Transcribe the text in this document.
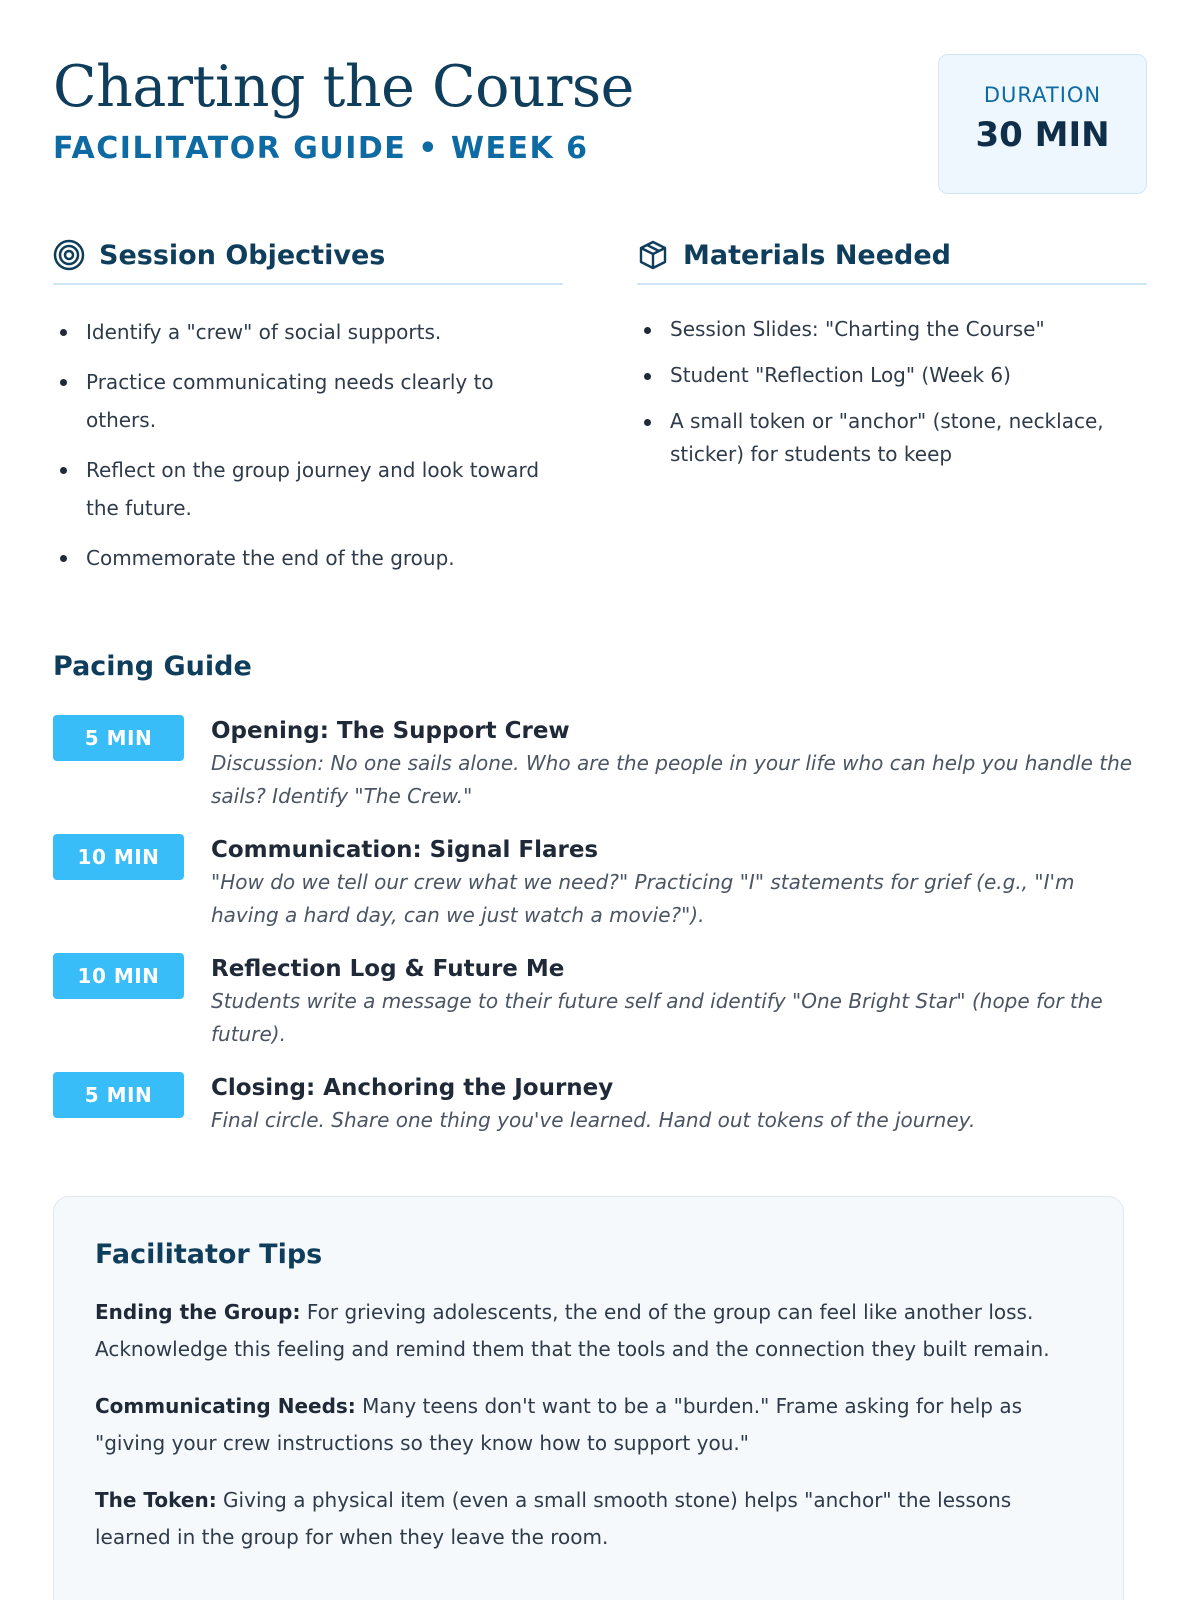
Charting the Course
FACILITATOR GUIDE • WEEK 6
DURATION
30 MIN
Session Objectives
Identify a "crew" of social supports.
Practice communicating needs clearly to others.
Reflect on the group journey and look toward the future.
Commemorate the end of the group.
Materials Needed
Session Slides: "Charting the Course"
Student "Reflection Log" (Week 6)
A small token or "anchor" (stone, necklace, sticker) for students to keep
Pacing Guide
5 MIN	Opening: The Support Crew
Discussion: No one sails alone. Who are the people in your life who can help you handle the sails? Identify "The Crew."
10 MIN	Communication: Signal Flares
"How do we tell our crew what we need?" Practicing "I" statements for grief (e.g., "I'm having a hard day, can we just watch a movie?").
10 MIN	Reflection Log & Future Me
Students write a message to their future self and identify "One Bright Star" (hope for the future).
5 MIN	Closing: Anchoring the Journey
Final circle. Share one thing you've learned. Hand out tokens of the journey.
Facilitator Tips

Ending the Group: For grieving adolescents, the end of the group can feel like another loss. Acknowledge this feeling and remind them that the tools and the connection they built remain.

Communicating Needs: Many teens don't want to be a "burden." Frame asking for help as "giving your crew instructions so they know how to support you."

The Token: Giving a physical item (even a small smooth stone) helps "anchor" the lessons learned in the group for when they leave the room.
